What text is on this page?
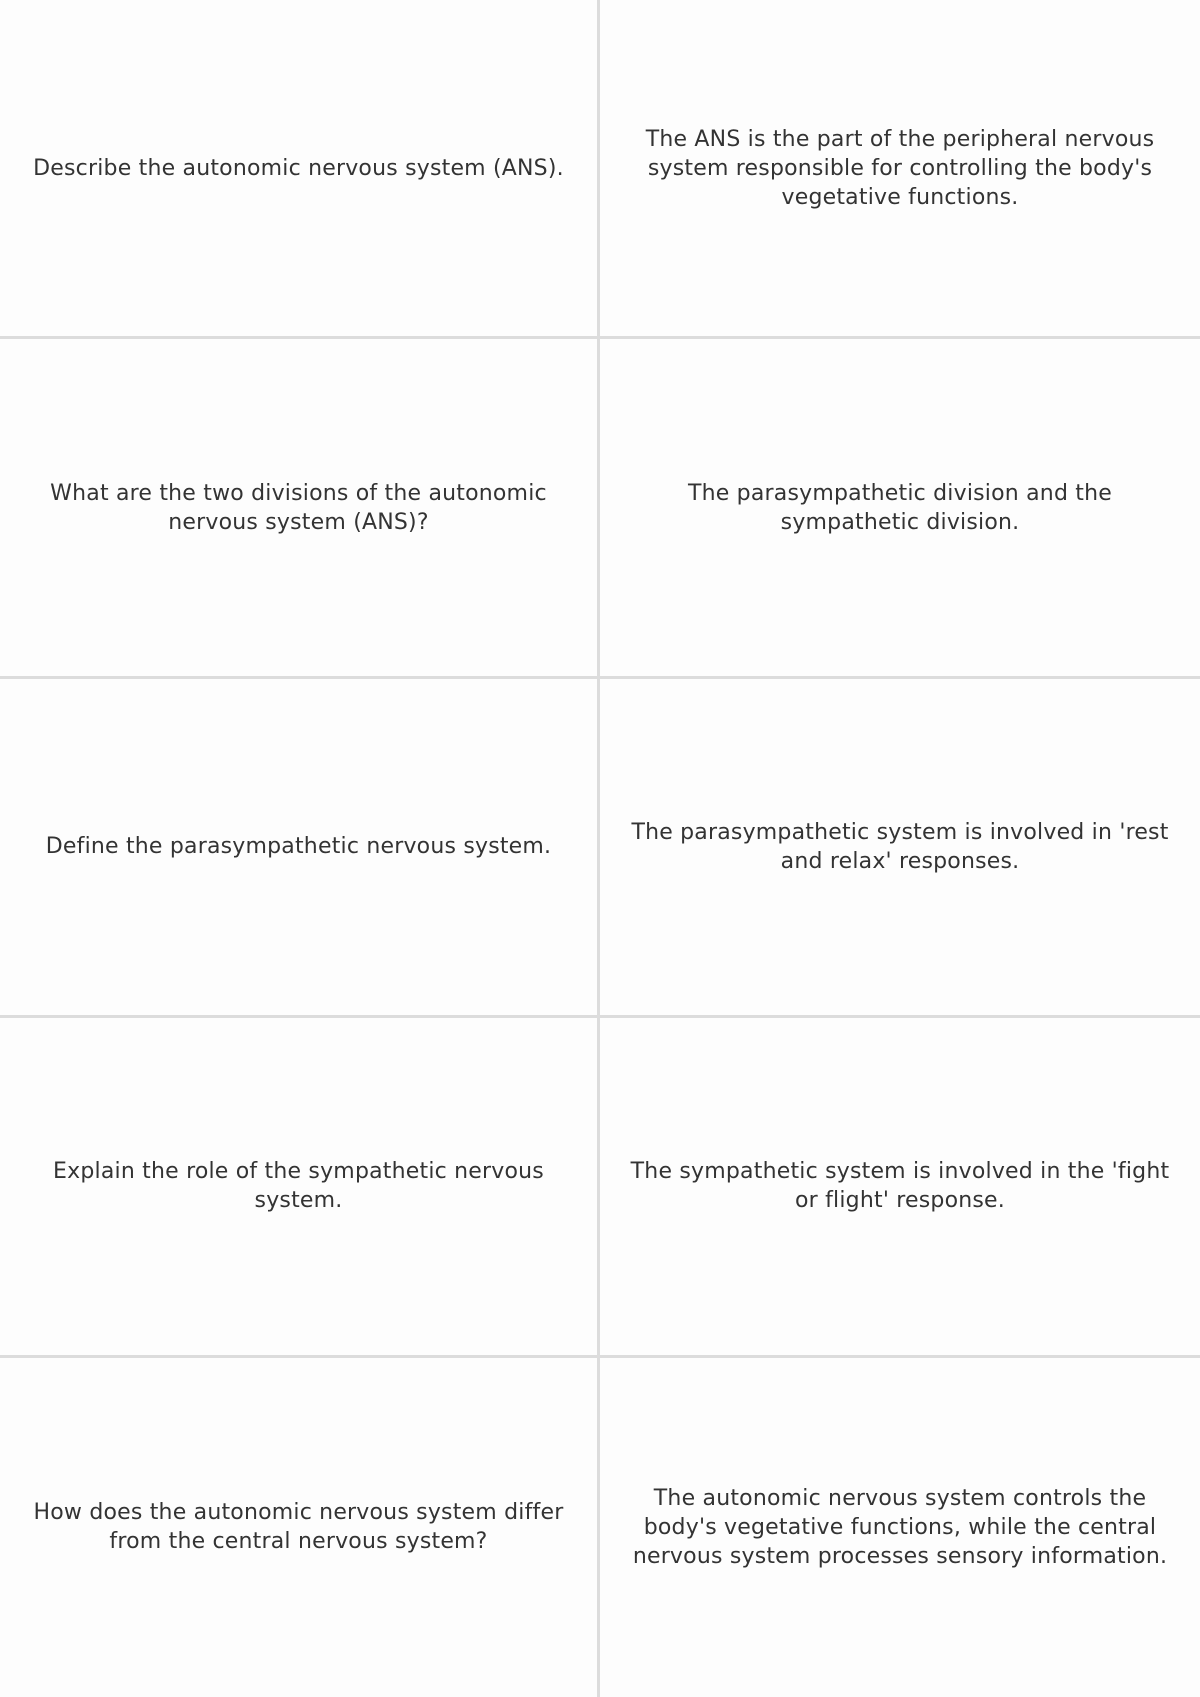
Describe the autonomic nervous system (ANS).
The ANS is the part of the peripheral nervous system responsible for controlling the body's vegetative functions.
What are the two divisions of the autonomic nervous system (ANS)?
The parasympathetic division and the sympathetic division.
Define the parasympathetic nervous system.
The parasympathetic system is involved in 'rest and relax' responses.
Explain the role of the sympathetic nervous system.
The sympathetic system is involved in the 'fight or flight' response.
How does the autonomic nervous system differ from the central nervous system?
The autonomic nervous system controls the body's vegetative functions, while the central nervous system processes sensory information.
